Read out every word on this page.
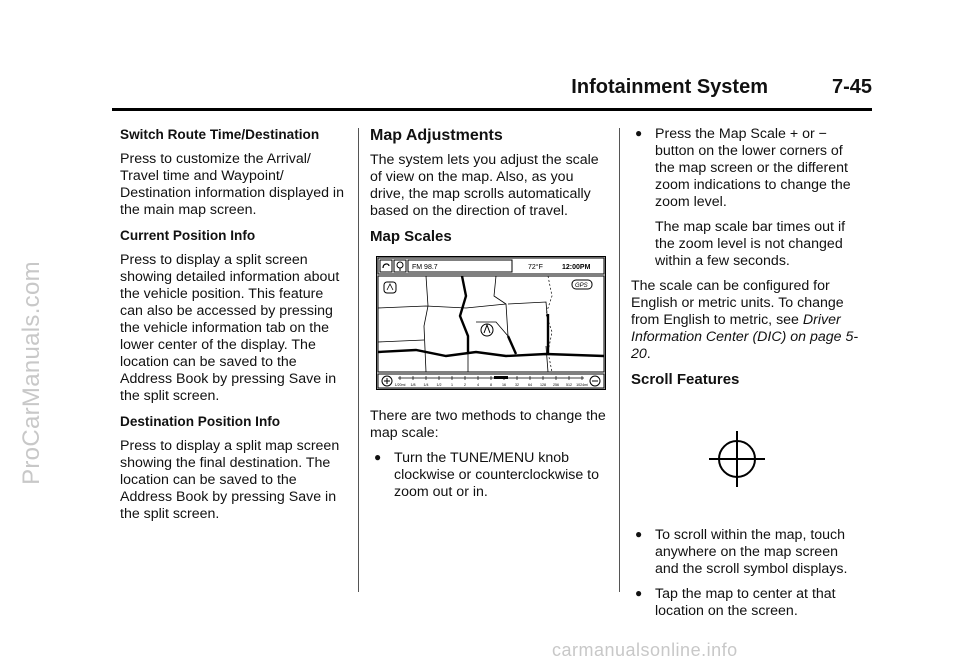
ProCarManuals.com
Infotainment System	7-45
Switch Route Time/Destination

Press to customize the Arrival/ Travel time and Waypoint/ Destination information displayed in the main map screen.

Current Position Info

Press to display a split screen showing detailed information about the vehicle position. This feature can also be accessed by pressing the vehicle information tab on the lower center of the display. The location can be saved to the Address Book by pressing Save in the split screen.

Destination Position Info

Press to display a split map screen showing the final destination. The location can be saved to the Address Book by pressing Save in the split screen.

Map Adjustments

The system lets you adjust the scale of view on the map. Also, as you drive, the map scrolls automatically based on the direction of travel.

Map Scales
FM 98.7	72°F	12:00PM
GPS
1/20mi 1/8 1/4 1/2	1	2	4	8	16	32	64 128 256 512 1024mi

There are two methods to change the map scale:

● Turn the TUNE/MENU knob clockwise or counterclockwise to zoom out or in.
● Press the Map Scale + or − button on the lower corners of the map screen or the different zoom indications to change the zoom level.
The map scale bar times out if the zoom level is not changed within a few seconds.

The scale can be configured for English or metric units. To change from English to metric, see Driver Information Center (DIC) on page 5-20.

Scroll Features
● To scroll within the map, touch anywhere on the map screen and the scroll symbol displays.
● Tap the map to center at that location on the screen.
carmanualsonline.info
